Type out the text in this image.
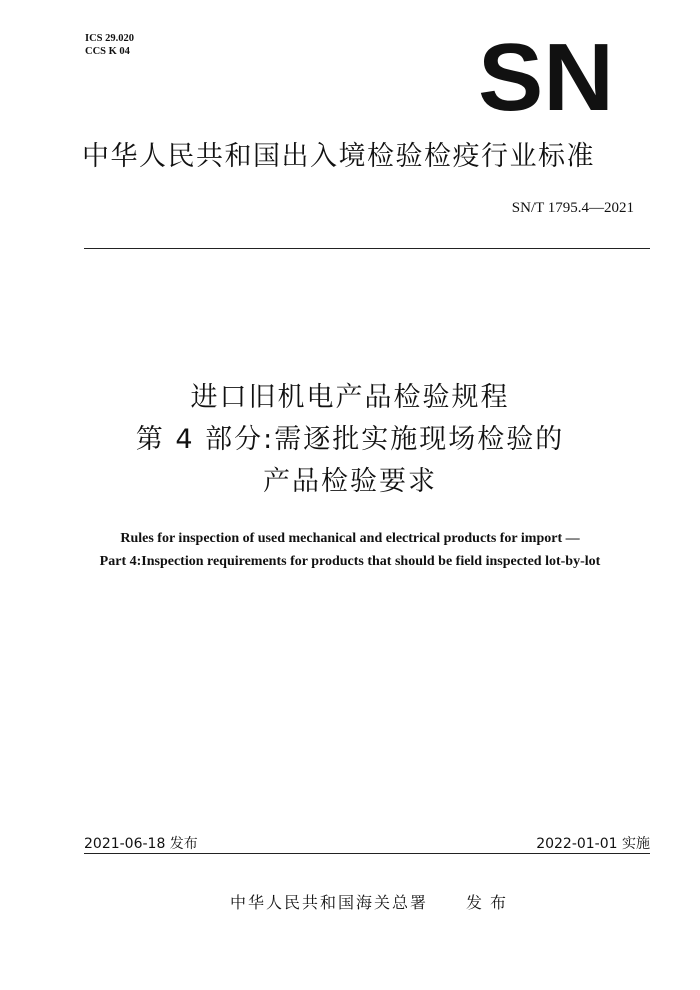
ICS 29.020
CCS K 04	SN
中华人民共和国出入境检验检疫行业标准
SN/T 1795.4—2021
进口旧机电产品检验规程
第 4 部分:需逐批实施现场检验的
产品检验要求
Rules for inspection of used mechanical and electrical products for import —
Part 4:Inspection requirements for products that should be field inspected lot-by-lot
2021-06-18 发布	2022-01-01 实施
中华人民共和国海关总署 发布
